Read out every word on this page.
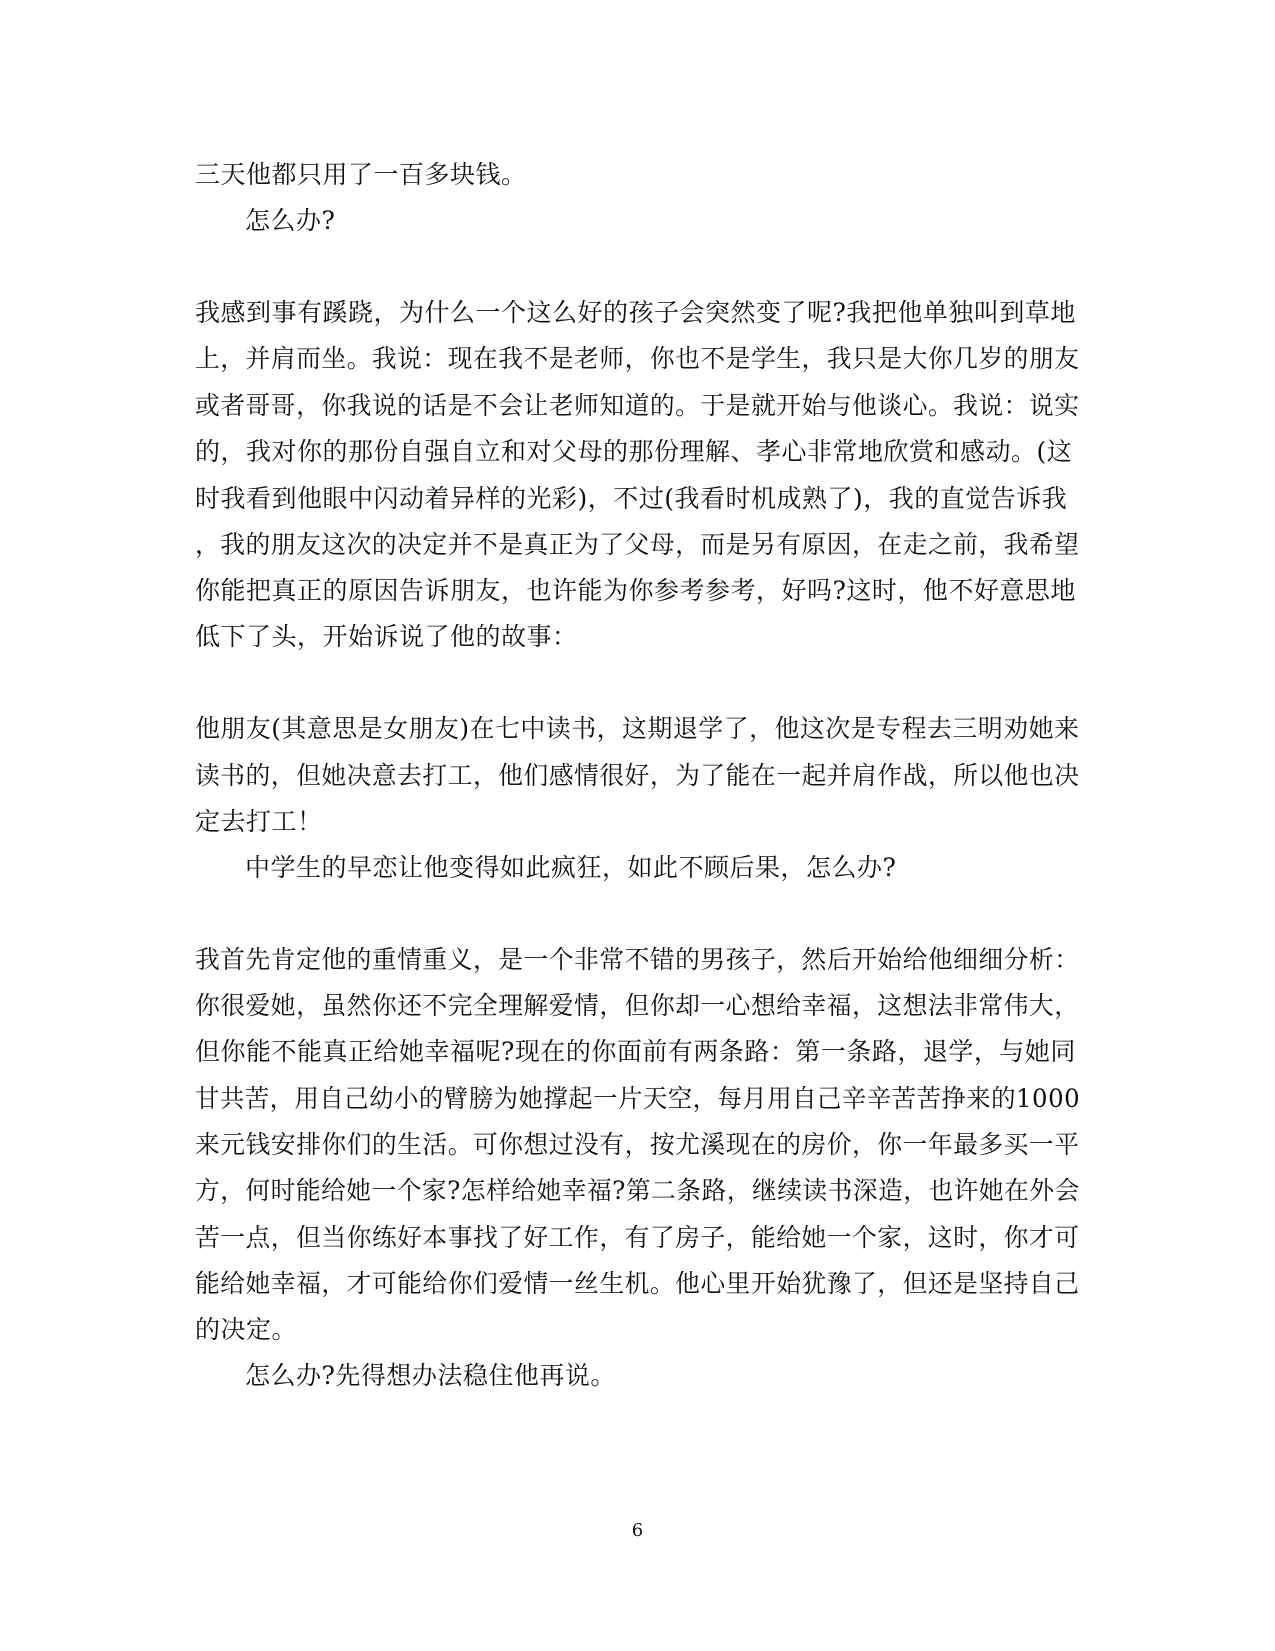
三天他都只用了一百多块钱。
怎么办?
我感到事有蹊跷，为什么一个这么好的孩子会突然变了呢?我把他单独叫到草地
上，并肩而坐。我说：现在我不是老师，你也不是学生，我只是大你几岁的朋友
或者哥哥，你我说的话是不会让老师知道的。于是就开始与他谈心。我说：说实
的，我对你的那份自强自立和对父母的那份理解、孝心非常地欣赏和感动。(这
时我看到他眼中闪动着异样的光彩)，不过(我看时机成熟了)，我的直觉告诉我
，我的朋友这次的决定并不是真正为了父母，而是另有原因，在走之前，我希望
你能把真正的原因告诉朋友，也许能为你参考参考，好吗?这时，他不好意思地
低下了头，开始诉说了他的故事：
他朋友(其意思是女朋友)在七中读书，这期退学了，他这次是专程去三明劝她来
读书的，但她决意去打工，他们感情很好，为了能在一起并肩作战，所以他也决
定去打工！
中学生的早恋让他变得如此疯狂，如此不顾后果，怎么办?
我首先肯定他的重情重义，是一个非常不错的男孩子，然后开始给他细细分析：
你很爱她，虽然你还不完全理解爱情，但你却一心想给幸福，这想法非常伟大，
但你能不能真正给她幸福呢?现在的你面前有两条路：第一条路，退学，与她同
甘共苦，用自己幼小的臂膀为她撑起一片天空，每月用自己辛辛苦苦挣来的1000
来元钱安排你们的生活。可你想过没有，按尤溪现在的房价，你一年最多买一平
方，何时能给她一个家?怎样给她幸福?第二条路，继续读书深造，也许她在外会
苦一点，但当你练好本事找了好工作，有了房子，能给她一个家，这时，你才可
能给她幸福，才可能给你们爱情一丝生机。他心里开始犹豫了，但还是坚持自己
的决定。
怎么办?先得想办法稳住他再说。
6
